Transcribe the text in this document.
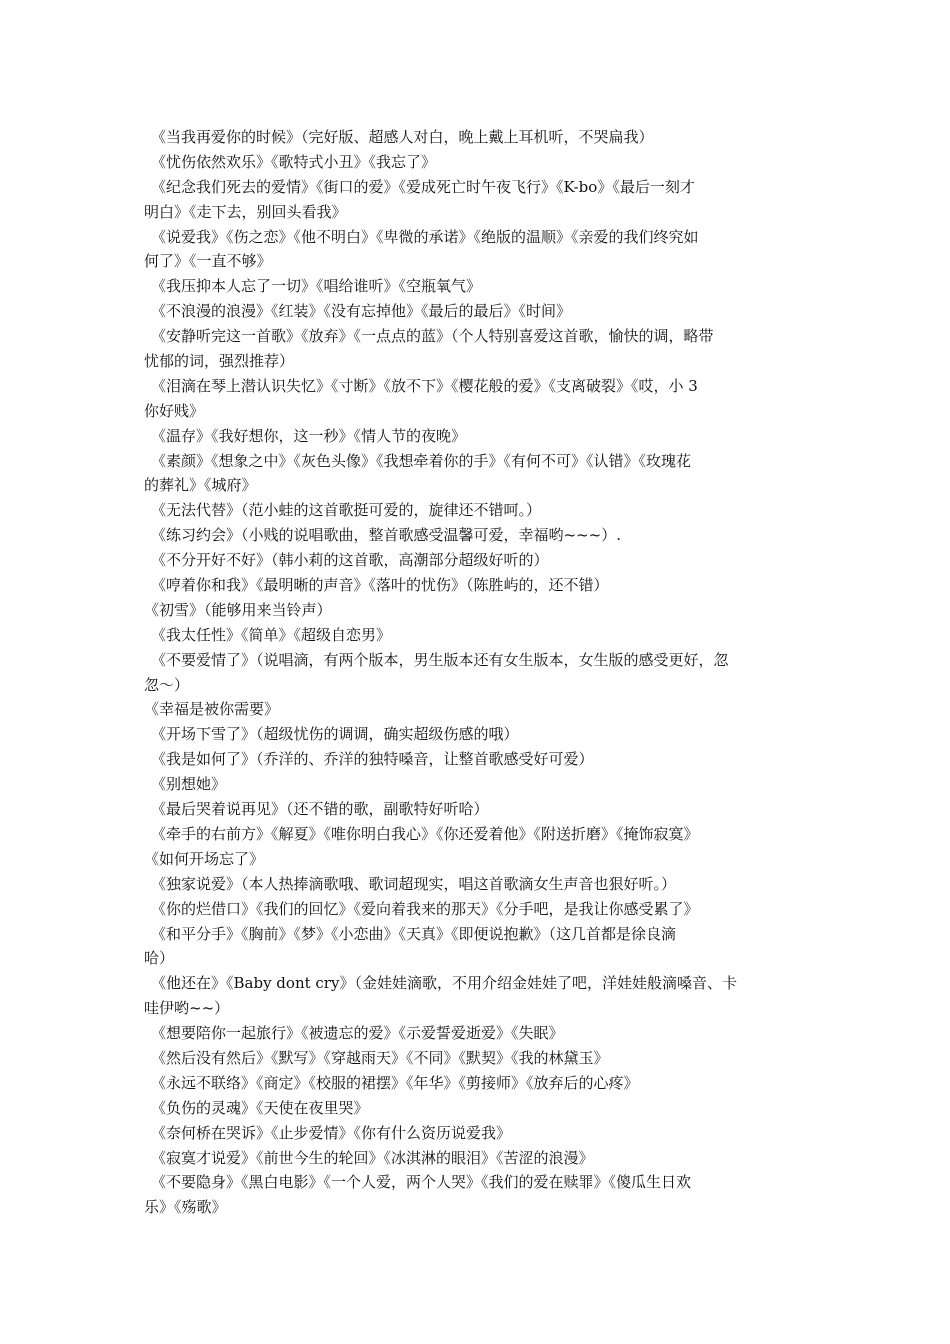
《当我再爱你的时候》（完好版、超感人对白，晚上戴上耳机听，不哭扁我）

《忧伤依然欢乐》《歌特式小丑》《我忘了》

《纪念我们死去的爱情》《街口的爱》《爱成死亡时午夜飞行》《K-bo》《最后一刻才

明白》《走下去，别回头看我》

《说爱我》《伤之恋》《他不明白》《卑微的承诺》《绝版的温顺》《亲爱的我们终究如

何了》《一直不够》

《我压抑本人忘了一切》《唱给谁听》《空瓶氧气》

《不浪漫的浪漫》《红装》《没有忘掉他》《最后的最后》《时间》

《安静听完这一首歌》《放弃》《一点点的蓝》（个人特别喜爱这首歌，愉快的调，略带

忧郁的词，强烈推荐）

《泪滴在琴上潜认识失忆》《寸断》《放不下》《樱花般的爱》《支离破裂》《哎，小 3

你好贱》

《温存》《我好想你，这一秒》《情人节的夜晚》

《素颜》《想象之中》《灰色头像》《我想牵着你的手》《有何不可》《认错》《玫瑰花

的葬礼》《城府》

《无法代替》（范小蛙的这首歌挺可爱的，旋律还不错呵。）

《练习约会》（小贱的说唱歌曲，整首歌感受温馨可爱，幸福哟~~~）.

《不分开好不好》（韩小莉的这首歌，高潮部分超级好听的）

《哼着你和我》《最明晰的声音》《落叶的忧伤》（陈胜屿的，还不错）

《初雪》（能够用来当铃声）

《我太任性》《简单》《超级自恋男》

《不要爱情了》（说唱滴，有两个版本，男生版本还有女生版本，女生版的感受更好，忽

忽～）

《幸福是被你需要》

《开场下雪了》（超级忧伤的调调，确实超级伤感的哦）

《我是如何了》（乔洋的、乔洋的独特嗓音，让整首歌感受好可爱）

《别想她》

《最后哭着说再见》（还不错的歌，副歌特好听哈）

《牵手的右前方》《解夏》《唯你明白我心》《你还爱着他》《附送折磨》《掩饰寂寞》

《如何开场忘了》

《独家说爱》（本人热捧滴歌哦、歌词超现实，唱这首歌滴女生声音也狠好听。）

《你的烂借口》《我们的回忆》《爱向着我来的那天》《分手吧，是我让你感受累了》

《和平分手》《胸前》《梦》《小恋曲》《天真》《即便说抱歉》（这几首都是徐良滴

哈）

《他还在》《Baby dont cry》（金娃娃滴歌，不用介绍金娃娃了吧，洋娃娃般滴嗓音、卡

哇伊哟~~）

《想要陪你一起旅行》《被遗忘的爱》《示爱誓爱逝爱》《失眠》

《然后没有然后》《默写》《穿越雨天》《不同》《默契》《我的林黛玉》

《永远不联络》《商定》《校服的裙摆》《年华》《剪接师》《放弃后的心疼》

《负伤的灵魂》《天使在夜里哭》

《奈何桥在哭诉》《止步爱情》《你有什么资历说爱我》

《寂寞才说爱》《前世今生的轮回》《冰淇淋的眼泪》《苦涩的浪漫》

《不要隐身》《黑白电影》《一个人爱，两个人哭》《我们的爱在赎罪》《傻瓜生日欢

乐》《殇歌》
